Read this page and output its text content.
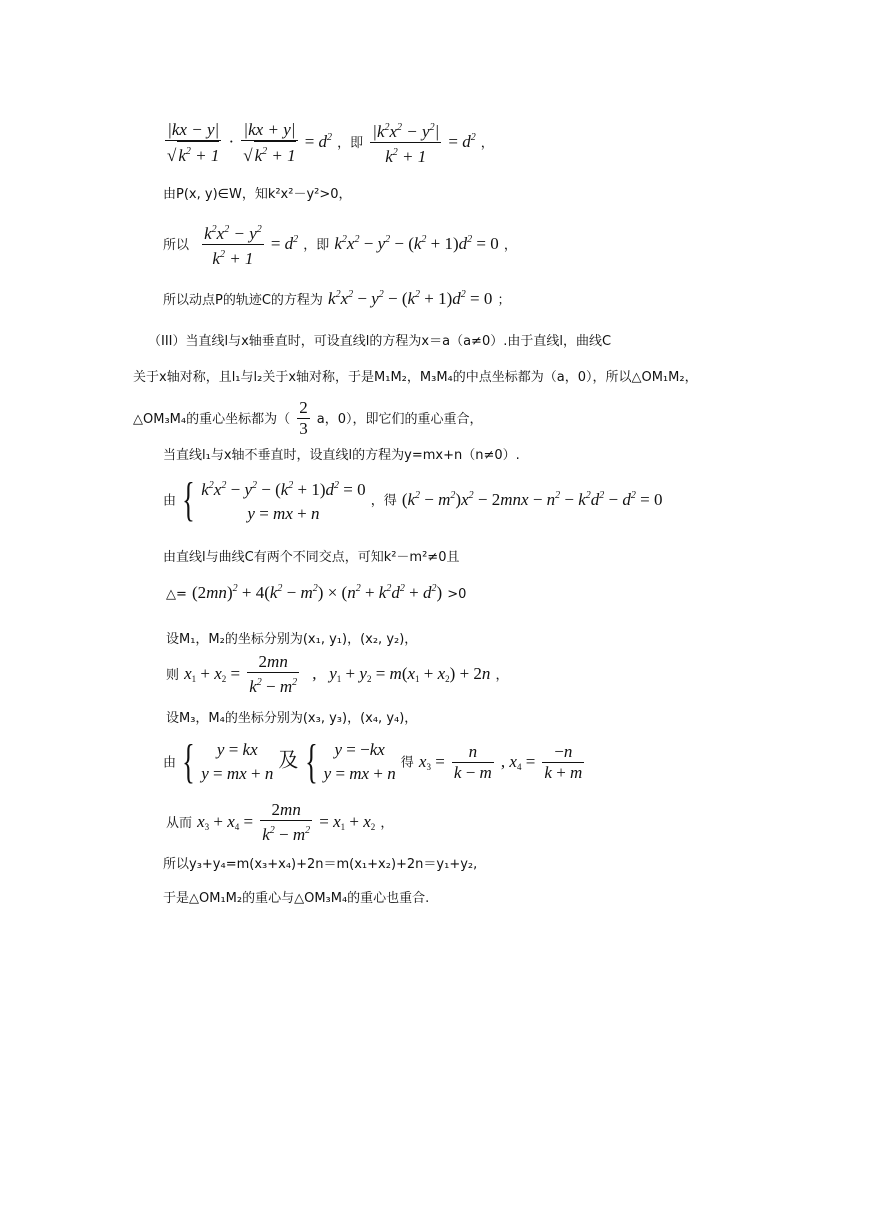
$\frac{|kx - y|}{√ k^2 + 1} \cdot \frac{|kx + y|}{√ k^2 + 1} = d^2$ ，即 $\frac{|k^2x^2 - y^2|}{k^2 + 1} = d^2$ ，
由P(x, y)∈W，知k²x²－y²>0，
所以 $\frac{k^2x^2 - y^2}{k^2 + 1} = d^2$ ，即 $k^2x^2 - y^2 - (k^2 + 1)d^2 = 0$ ，
所以动点P的轨迹C的方程为 $k^2x^2 - y^2 - (k^2 + 1)d^2 = 0$ ；
（III）当直线l与x轴垂直时，可设直线l的方程为x＝a（a≠0）.由于直线l，曲线C
关于x轴对称，且l₁与l₂关于x轴对称，于是M₁M₂，M₃M₄的中点坐标都为（a，0），所以△OM₁M₂，
△OM₃M₄的重心坐标都为（ $\frac{2}{3}$ a，0），即它们的重心重合，
当直线l₁与x轴不垂直时，设直线l的方程为y=mx+n（n≠0）.
由 { $k^2x^2 - y^2 - (k^2 + 1)d^2 = 0$
y = mx + n
，得 $(k^2 - m^2)x^2 - 2mnx - n^2 - k^2d^2 - d^2 = 0$
由直线l与曲线C有两个不同交点，可知k²－m²≠0且
△= $(2mn)^2 + 4(k^2 - m^2) \times (n^2 + k^2d^2 + d^2) >0$
设M₁，M₂的坐标分别为(x₁, y₁)，(x₂, y₂)，
则 $x_1 + x_2 = \frac{2mn}{k^2 - m^2}$ ,   $y_1 + y_2 = m(x_1 + x_2) + 2n$ ，
设M₃，M₄的坐标分别为(x₃, y₃)，(x₄, y₄)，
由 {	y = kx
y = mx + n
及 {	y = −kx
y = mx + n
得 $x_3 = \frac{n}{k - m}$ , $x_4 = \frac{-n}{k + m}$
从而 $x_3 + x_4 = \frac{2mn}{k^2 - m^2} = x_1 + x_2$ ，
所以y₃+y₄=m(x₃+x₄)+2n＝m(x₁+x₂)+2n＝y₁+y₂,
于是△OM₁M₂的重心与△OM₃M₄的重心也重合.
